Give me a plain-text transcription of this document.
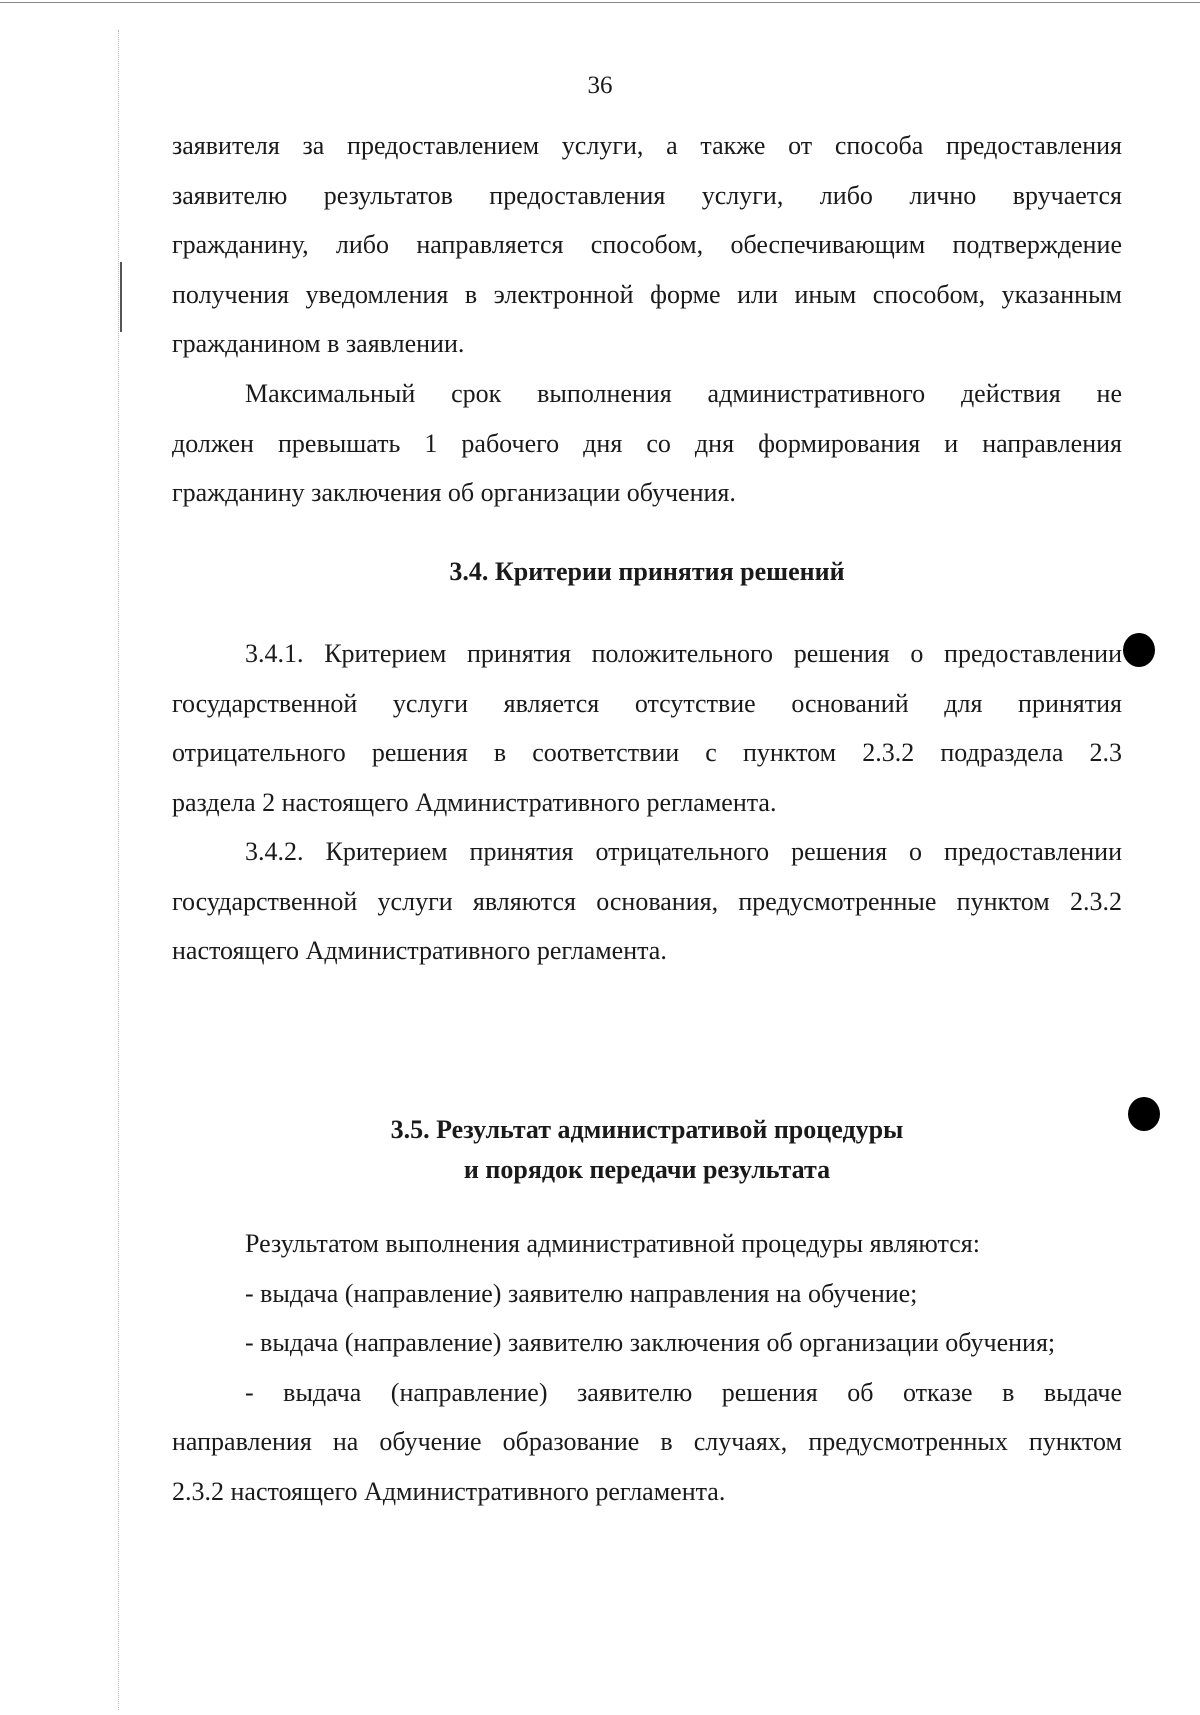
36

заявителя за предоставлением услуги, а также от способа предоставления

заявителю результатов предоставления услуги, либо лично вручается

гражданину, либо направляется способом, обеспечивающим подтверждение

получения уведомления в электронной форме или иным способом, указанным

гражданином в заявлении.

Максимальный срок выполнения административного действия не

должен превышать 1 рабочего дня со дня формирования и направления

гражданину заключения об организации обучения.

3.4. Критерии принятия решений

3.4.1. Критерием принятия положительного решения о предоставлении

государственной услуги является отсутствие оснований для принятия

отрицательного решения в соответствии с пунктом 2.3.2 подраздела 2.3

раздела 2 настоящего Административного регламента.

3.4.2. Критерием принятия отрицательного решения о предоставлении

государственной услуги являются основания, предусмотренные пунктом 2.3.2

настоящего Административного регламента.

3.5. Результат административой процедуры

и порядок передачи результата

Результатом выполнения административной процедуры являются:

- выдача (направление) заявителю направления на обучение;

- выдача (направление) заявителю заключения об организации обучения;

- выдача (направление) заявителю решения об отказе в выдаче

направления на обучение образование в случаях, предусмотренных пунктом

2.3.2 настоящего Административного регламента.
